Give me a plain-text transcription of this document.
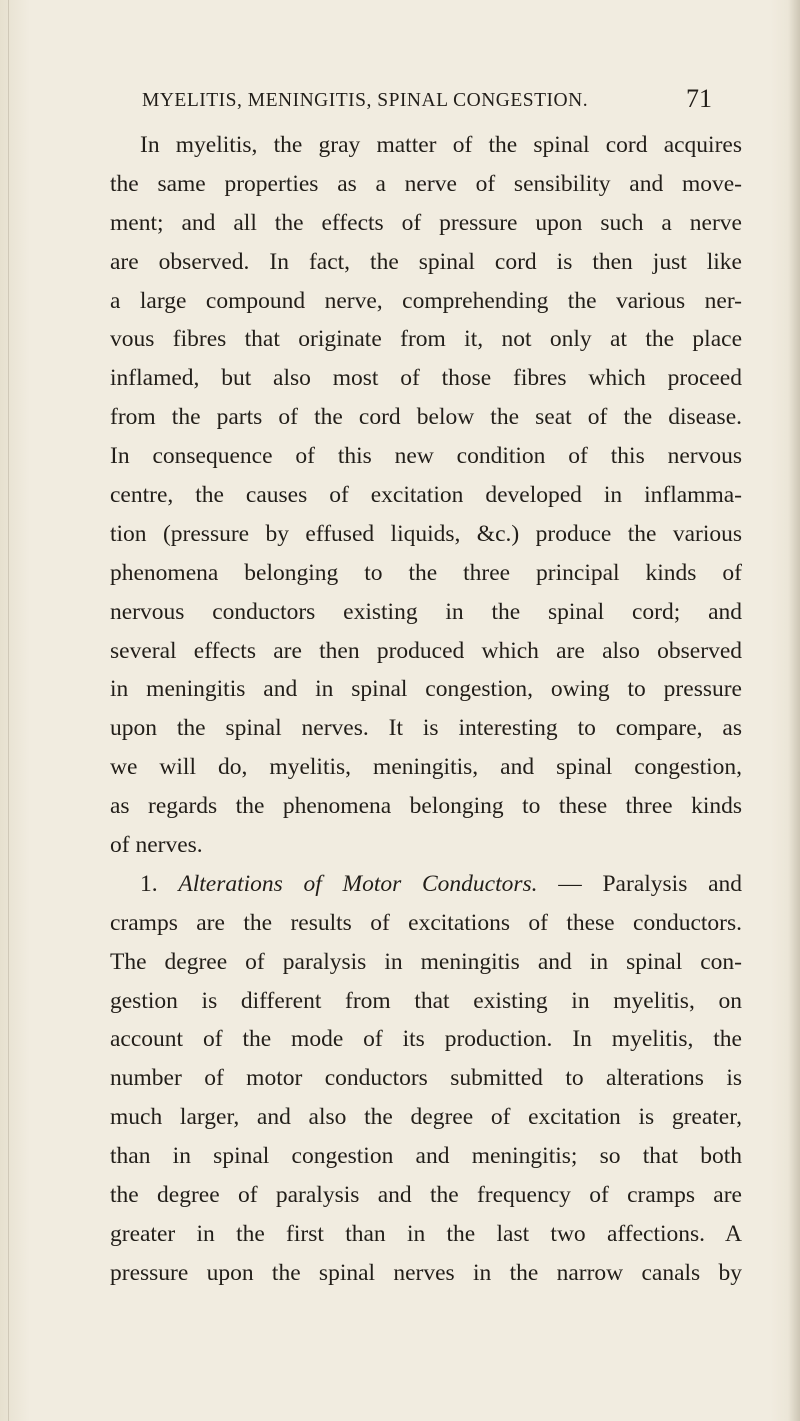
MYELITIS, MENINGITIS, SPINAL CONGESTION.	71
In myelitis, the gray matter of the spinal cord acquires
the same properties as a nerve of sensibility and move-
ment; and all the effects of pressure upon such a nerve
are observed. In fact, the spinal cord is then just like
a large compound nerve, comprehending the various ner-
vous fibres that originate from it, not only at the place
inflamed, but also most of those fibres which proceed
from the parts of the cord below the seat of the disease.
In consequence of this new condition of this nervous
centre, the causes of excitation developed in inflamma-
tion (pressure by effused liquids, &c.) produce the various
phenomena belonging to the three principal kinds of
nervous conductors existing in the spinal cord; and
several effects are then produced which are also observed
in meningitis and in spinal congestion, owing to pressure
upon the spinal nerves. It is interesting to compare, as
we will do, myelitis, meningitis, and spinal congestion,
as regards the phenomena belonging to these three kinds
of nerves.
1. Alterations of Motor Conductors. — Paralysis and
cramps are the results of excitations of these conductors.
The degree of paralysis in meningitis and in spinal con-
gestion is different from that existing in myelitis, on
account of the mode of its production. In myelitis, the
number of motor conductors submitted to alterations is
much larger, and also the degree of excitation is greater,
than in spinal congestion and meningitis; so that both
the degree of paralysis and the frequency of cramps are
greater in the first than in the last two affections. A
pressure upon the spinal nerves in the narrow canals by
